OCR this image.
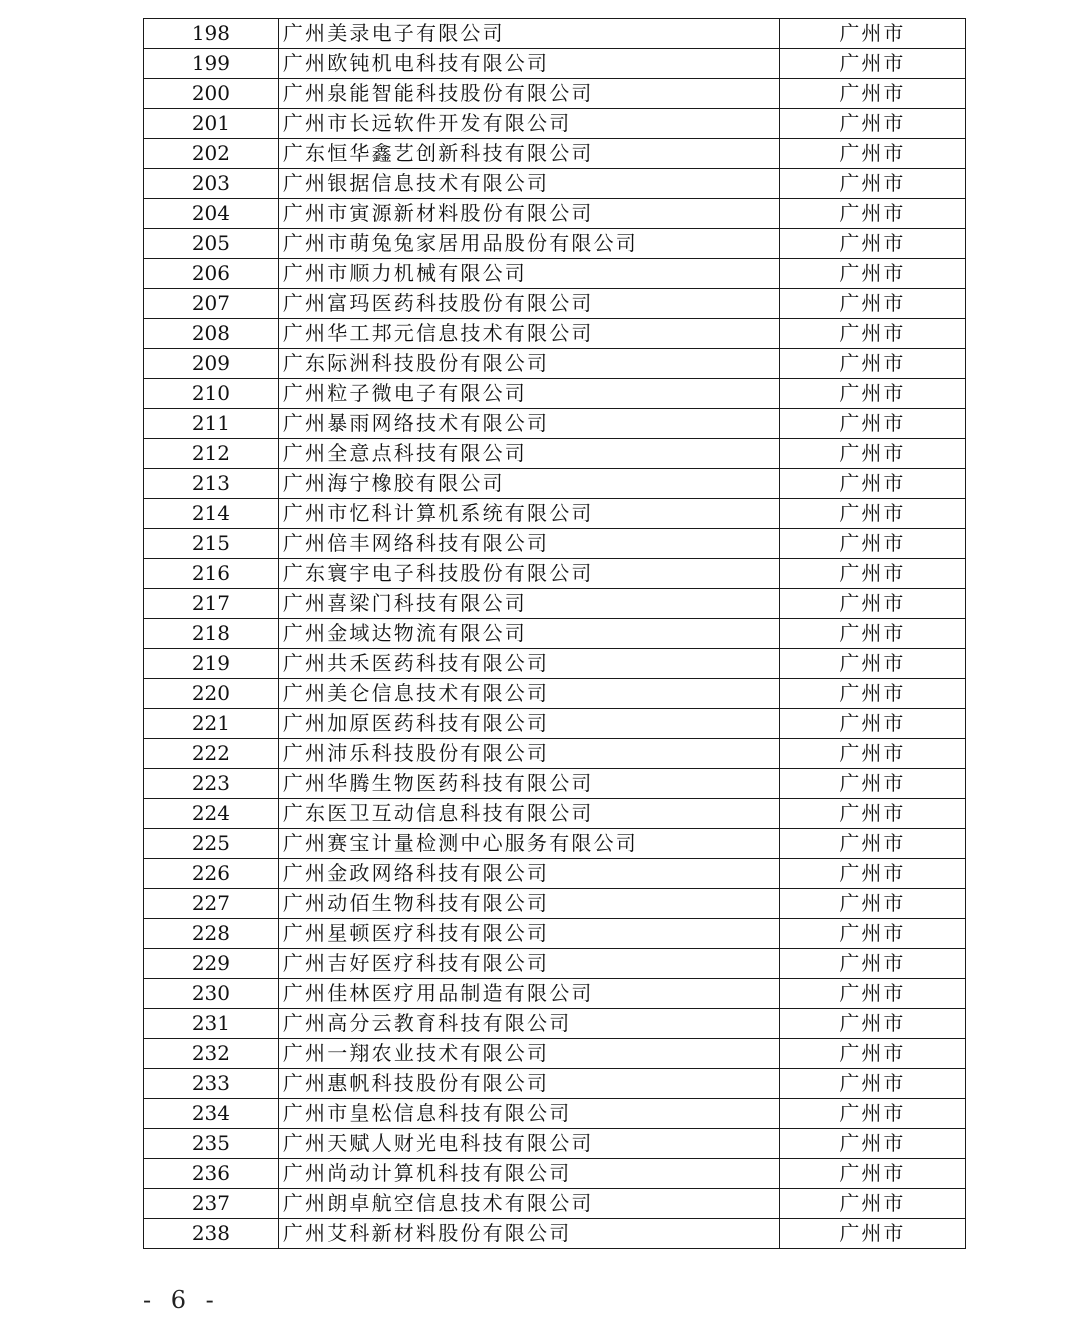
198	广州美录电子有限公司	广州市
199	广州欧钝机电科技有限公司	广州市
200	广州泉能智能科技股份有限公司	广州市
201	广州市长远软件开发有限公司	广州市
202	广东恒华鑫艺创新科技有限公司	广州市
203	广州银据信息技术有限公司	广州市
204	广州市寅源新材料股份有限公司	广州市
205	广州市萌兔兔家居用品股份有限公司	广州市
206	广州市顺力机械有限公司	广州市
207	广州富玛医药科技股份有限公司	广州市
208	广州华工邦元信息技术有限公司	广州市
209	广东际洲科技股份有限公司	广州市
210	广州粒子微电子有限公司	广州市
211	广州暴雨网络技术有限公司	广州市
212	广州全意点科技有限公司	广州市
213	广州海宁橡胶有限公司	广州市
214	广州市忆科计算机系统有限公司	广州市
215	广州倍丰网络科技有限公司	广州市
216	广东寰宇电子科技股份有限公司	广州市
217	广州喜梁门科技有限公司	广州市
218	广州金域达物流有限公司	广州市
219	广州共禾医药科技有限公司	广州市
220	广州美仑信息技术有限公司	广州市
221	广州加原医药科技有限公司	广州市
222	广州沛乐科技股份有限公司	广州市
223	广州华腾生物医药科技有限公司	广州市
224	广东医卫互动信息科技有限公司	广州市
225	广州赛宝计量检测中心服务有限公司	广州市
226	广州金政网络科技有限公司	广州市
227	广州动佰生物科技有限公司	广州市
228	广州星顿医疗科技有限公司	广州市
229	广州吉好医疗科技有限公司	广州市
230	广州佳林医疗用品制造有限公司	广州市
231	广州高分云教育科技有限公司	广州市
232	广州一翔农业技术有限公司	广州市
233	广州惠帆科技股份有限公司	广州市
234	广州市皇松信息科技有限公司	广州市
235	广州天赋人财光电科技有限公司	广州市
236	广州尚动计算机科技有限公司	广州市
237	广州朗卓航空信息技术有限公司	广州市
238	广州艾科新材料股份有限公司	广州市
- 6 -
